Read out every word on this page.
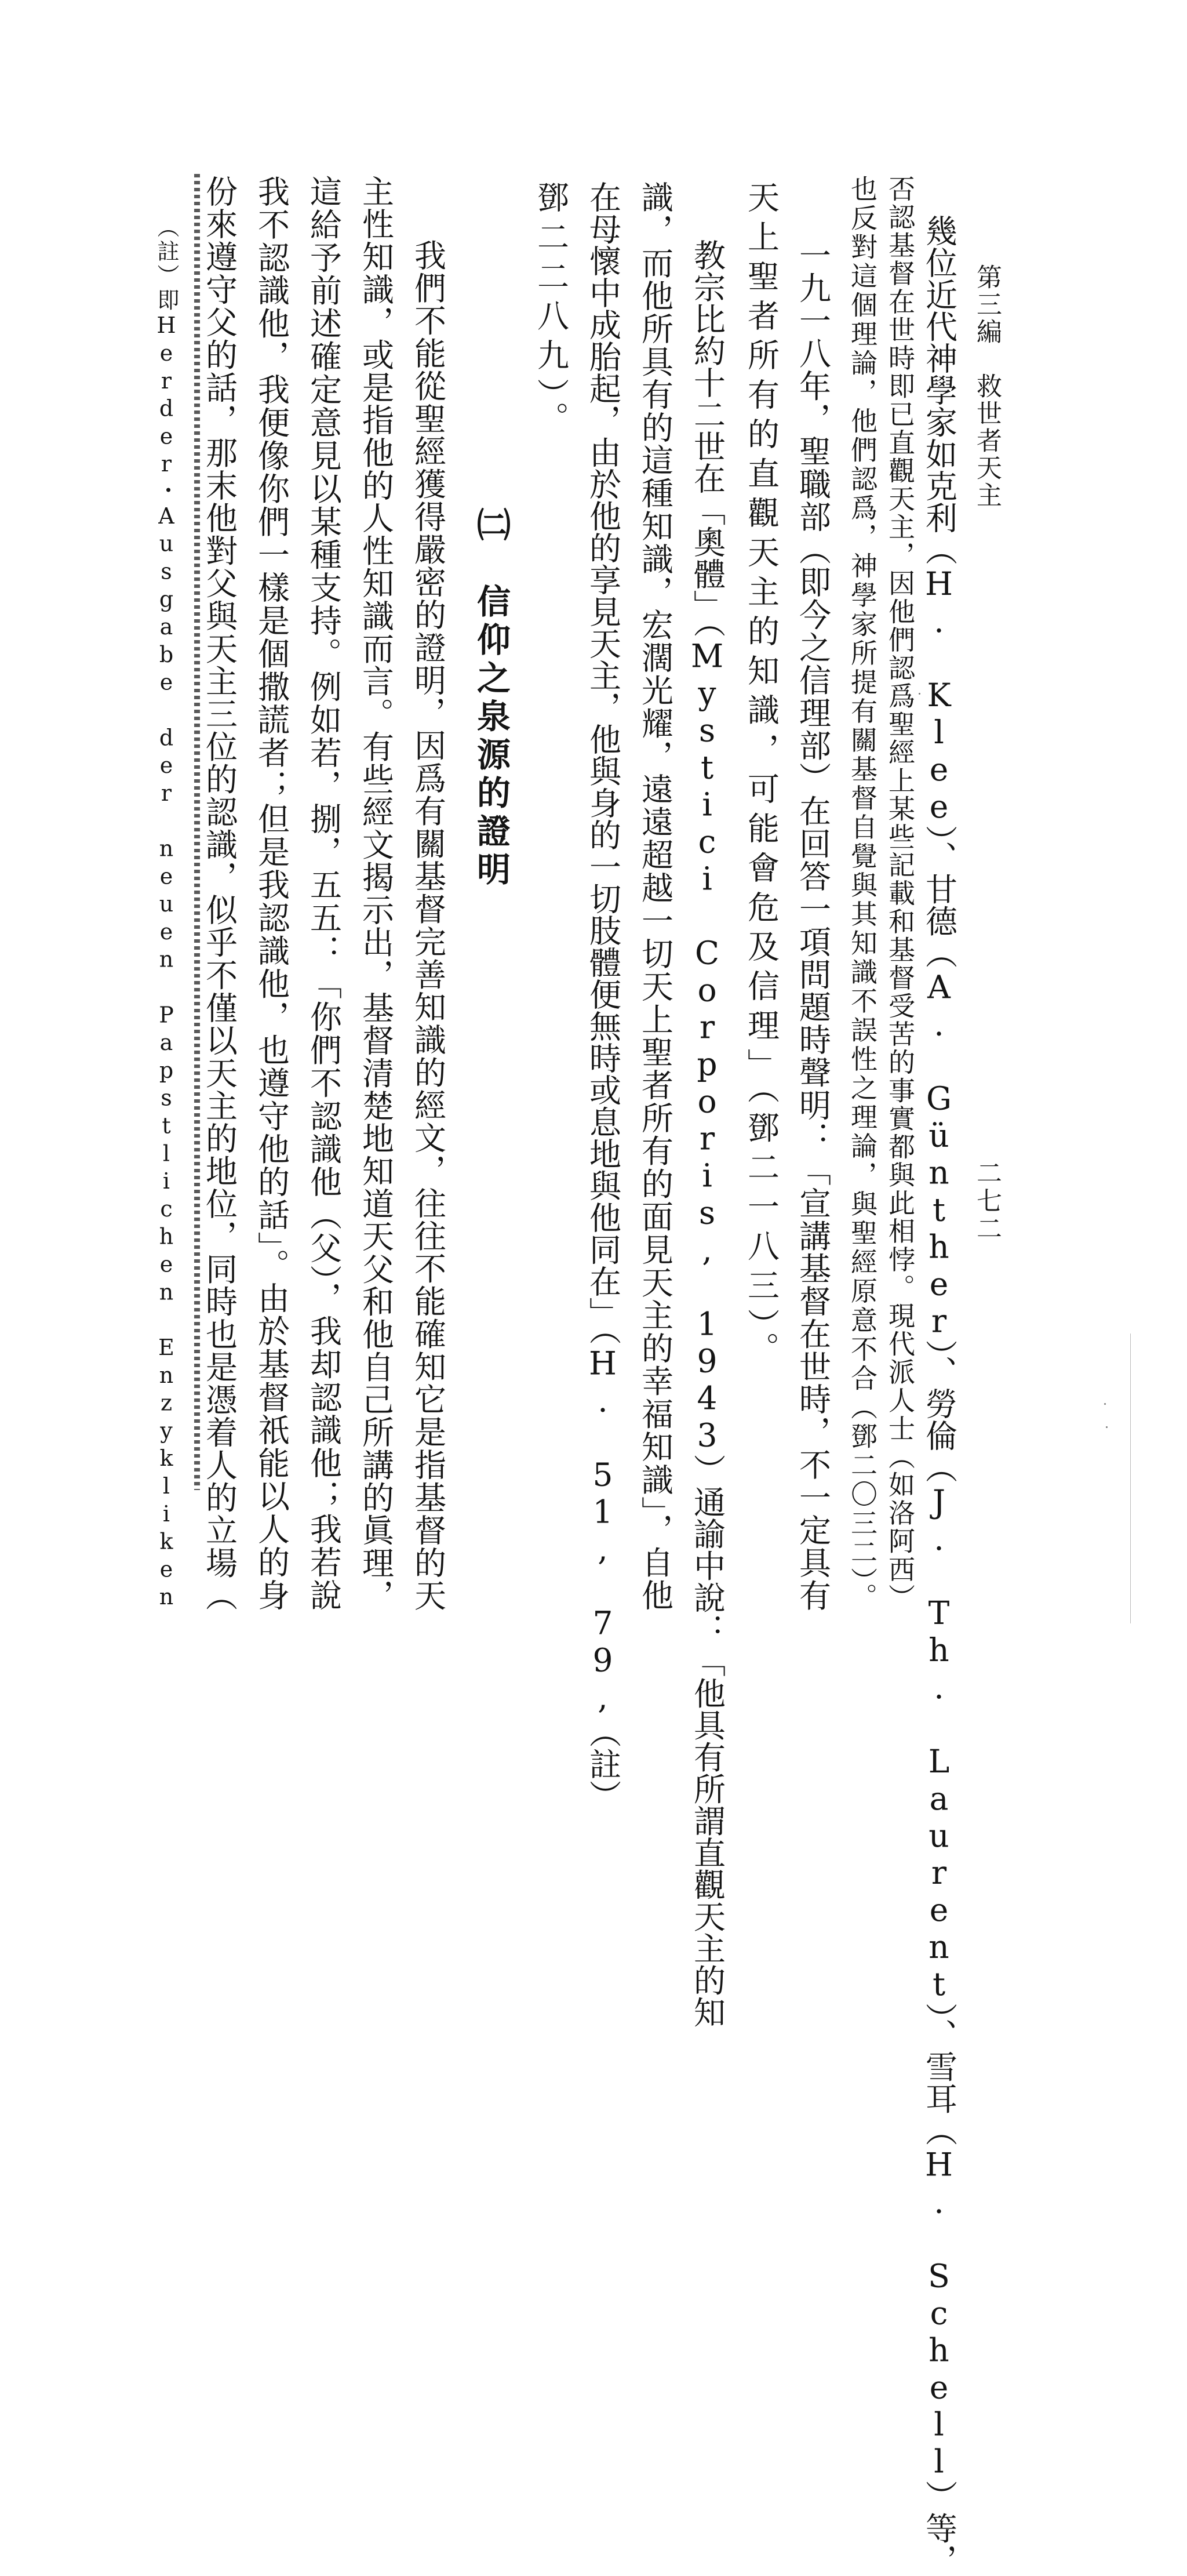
第三編　救世者天主
二七二
幾位近代神學家如克利（H. Klee）、甘德（A. Günther）、勞倫（J. Th. Laurent）、雪耳（H. Schell）等，
否認基督在世時即已直觀天主，因他們認爲聖經上某些記載和基督受苦的事實都與此相悖。現代派人士（如洛阿西）
也反對這個理論，他們認爲，神學家所提有關基督自覺與其知識不誤性之理論，與聖經原意不合（鄧二〇三二）。
一九一八年，聖職部（即今之信理部）在回答一項問題時聲明：「宣講基督在世時，不一定具有
天上聖者所有的直觀天主的知識，可能會危及信理」（鄧二一八三）。
教宗比約十二世在「奧體」（Mystici Corporis, 1943）通諭中說：「他具有所謂直觀天主的知
識，而他所具有的這種知識，宏濶光耀，遠遠超越一切天上聖者所有的面見天主的幸福知識」，自他
在母懷中成胎起，由於他的享見天主，他與身的一切肢體便無時或息地與他同在」（H. 51, 79,（註）
鄧二二八九）。
㈡　信仰之泉源的證明
我們不能從聖經獲得嚴密的證明，因爲有關基督完善知識的經文，往往不能確知它是指基督的天
主性知識，或是指他的人性知識而言。有些經文揭示出，基督清楚地知道天父和他自己所講的眞理，
這給予前述確定意見以某種支持。例如若，捌，五五：「你們不認識他（父），我却認識他；我若說
我不認識他，我便像你們一樣是個撒謊者；但是我認識他，也遵守他的話」。由於基督祇能以人的身
份來遵守父的話，那末他對父與天主三位的認識，似乎不僅以天主的地位，同時也是憑着人的立場（
（註）即Herder・Ausgabe der neuen Papstlichen Enzykliken
